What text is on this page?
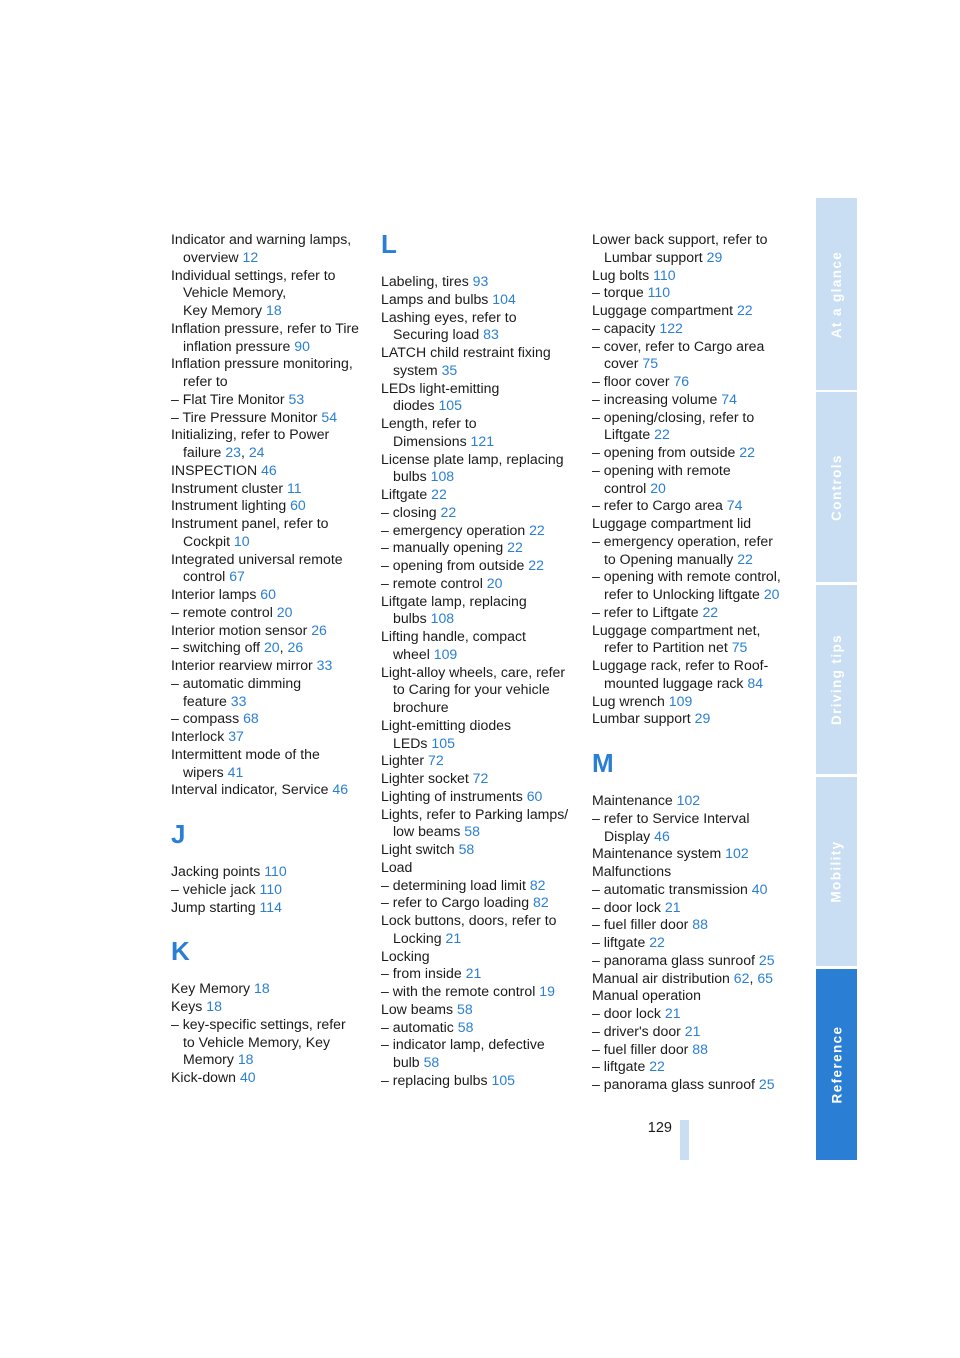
Indicator and warning lamps,
overview 12
Individual settings, refer to
Vehicle Memory,
Key Memory 18
Inflation pressure, refer to Tire
inflation pressure 90
Inflation pressure monitoring,
refer to
– Flat Tire Monitor 53
– Tire Pressure Monitor 54
Initializing, refer to Power
failure 23, 24
INSPECTION 46
Instrument cluster 11
Instrument lighting 60
Instrument panel, refer to
Cockpit 10
Integrated universal remote
control 67
Interior lamps 60
– remote control 20
Interior motion sensor 26
– switching off 20, 26
Interior rearview mirror 33
– automatic dimming
feature 33
– compass 68
Interlock 37
Intermittent mode of the
wipers 41
Interval indicator, Service 46
J
Jacking points 110
– vehicle jack 110
Jump starting 114
K
Key Memory 18
Keys 18
– key-specific settings, refer
to Vehicle Memory, Key
Memory 18
Kick-down 40
L
Labeling, tires 93
Lamps and bulbs 104
Lashing eyes, refer to
Securing load 83
LATCH child restraint fixing
system 35
LEDs light-emitting
diodes 105
Length, refer to
Dimensions 121
License plate lamp, replacing
bulbs 108
Liftgate 22
– closing 22
– emergency operation 22
– manually opening 22
– opening from outside 22
– remote control 20
Liftgate lamp, replacing
bulbs 108
Lifting handle, compact
wheel 109
Light-alloy wheels, care, refer
to Caring for your vehicle
brochure
Light-emitting diodes
LEDs 105
Lighter 72
Lighter socket 72
Lighting of instruments 60
Lights, refer to Parking lamps/
low beams 58
Light switch 58
Load
– determining load limit 82
– refer to Cargo loading 82
Lock buttons, doors, refer to
Locking 21
Locking
– from inside 21
– with the remote control 19
Low beams 58
– automatic 58
– indicator lamp, defective
bulb 58
– replacing bulbs 105
Lower back support, refer to
Lumbar support 29
Lug bolts 110
– torque 110
Luggage compartment 22
– capacity 122
– cover, refer to Cargo area
cover 75
– floor cover 76
– increasing volume 74
– opening/closing, refer to
Liftgate 22
– opening from outside 22
– opening with remote
control 20
– refer to Cargo area 74
Luggage compartment lid
– emergency operation, refer
to Opening manually 22
– opening with remote control,
refer to Unlocking liftgate 20
– refer to Liftgate 22
Luggage compartment net,
refer to Partition net 75
Luggage rack, refer to Roof-
mounted luggage rack 84
Lug wrench 109
Lumbar support 29
M
Maintenance 102
– refer to Service Interval
Display 46
Maintenance system 102
Malfunctions
– automatic transmission 40
– door lock 21
– fuel filler door 88
– liftgate 22
– panorama glass sunroof 25
Manual air distribution 62, 65
Manual operation
– door lock 21
– driver's door 21
– fuel filler door 88
– liftgate 22
– panorama glass sunroof 25
129
At a glance
Controls
Driving tips
Mobility
Reference
